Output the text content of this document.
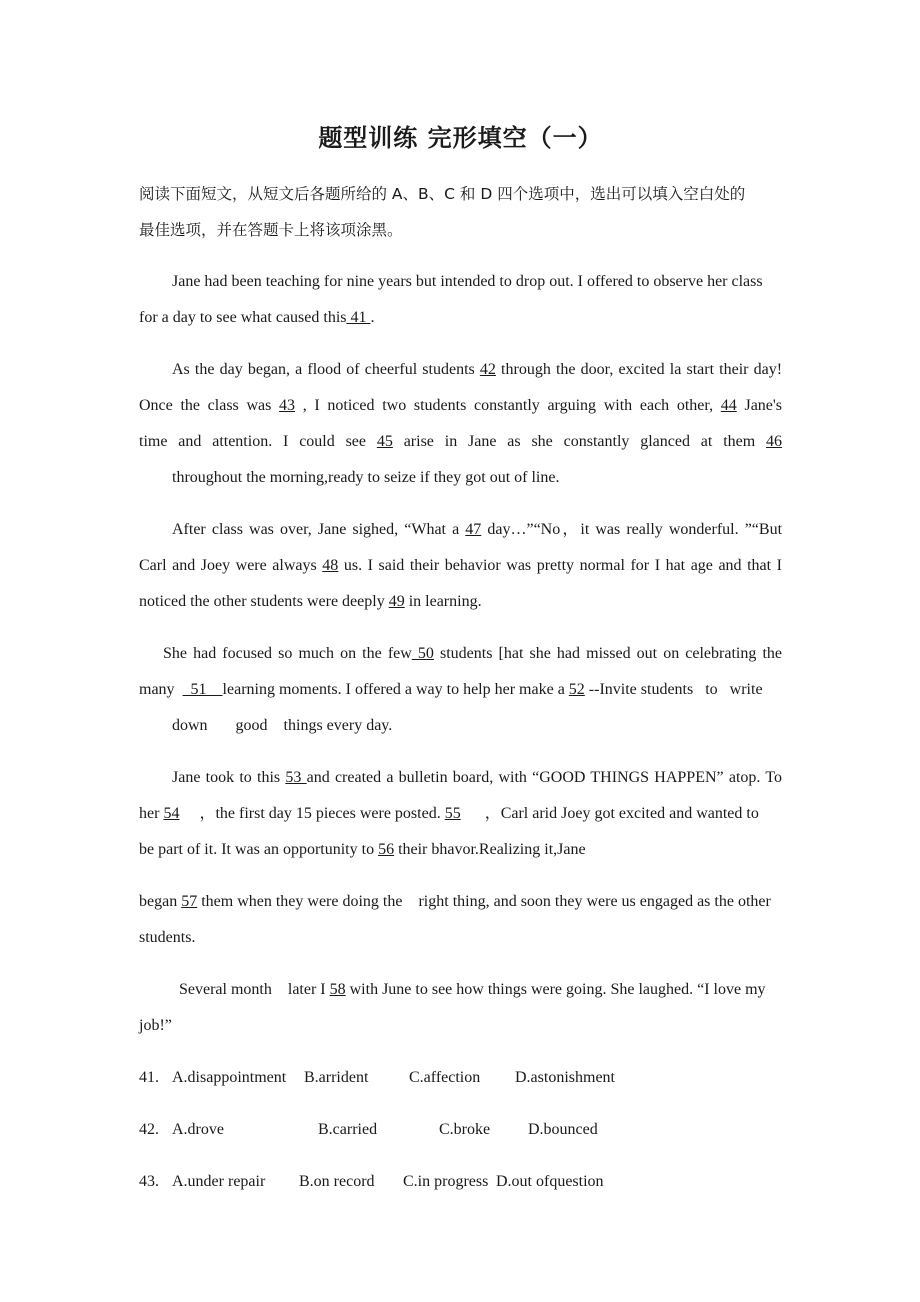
题型训练 完形填空（一）
阅读下面短文，从短文后各题所给的 A、B、C 和 D 四个选项中，选出可以填入空白处的
最佳选项，并在答题卡上将该项涂黑。
Jane had been teaching for nine years but intended to drop out. I offered to observe her class
for a day to see what caused this 41 .
As the day began, a flood of cheerful students 42 through the door, excited la start their day!
Once the class was 43 , I noticed two students constantly arguing with each other, 44 Jane's
time and attention. I could see 45 arise in Jane as she constantly glanced at them 46
throughout the morning,ready to seize if they got out of line.
After class was over, Jane sighed, “What a 47 day…”“No，it was really wonderful. ”“But
Carl and Joey were always 48 us. I said their behavior was pretty normal for I hat age and that I
noticed the other students were deeply 49 in learning.
She had focused so much on the few 50 students [hat she had missed out on celebrating the
many    51    learning moments. I offered a way to help her make a 52 --Invite students   to   write
down       good    things every day.
Jane took to this 53 and created a bulletin board, with “GOOD THINGS HAPPEN” atop. To
her 54 ，the first day 15 pieces were posted. 55 ，Carl arid Joey got excited and wanted to
be part of it. It was an opportunity to 56 their bhavor.Realizing it,Jane
began 57 them when they were doing the    right thing, and soon they were us engaged as the other
students.
Several month    later I 58 with June to see how things were going. She laughed. “I love my
job!”
41. A.disappointment B.arrident	C.affection D.astonishment
42. A.drove	B.carried	C.broke D.bounced
43. A.under repair B.on record C.in progress D.out ofquestion
